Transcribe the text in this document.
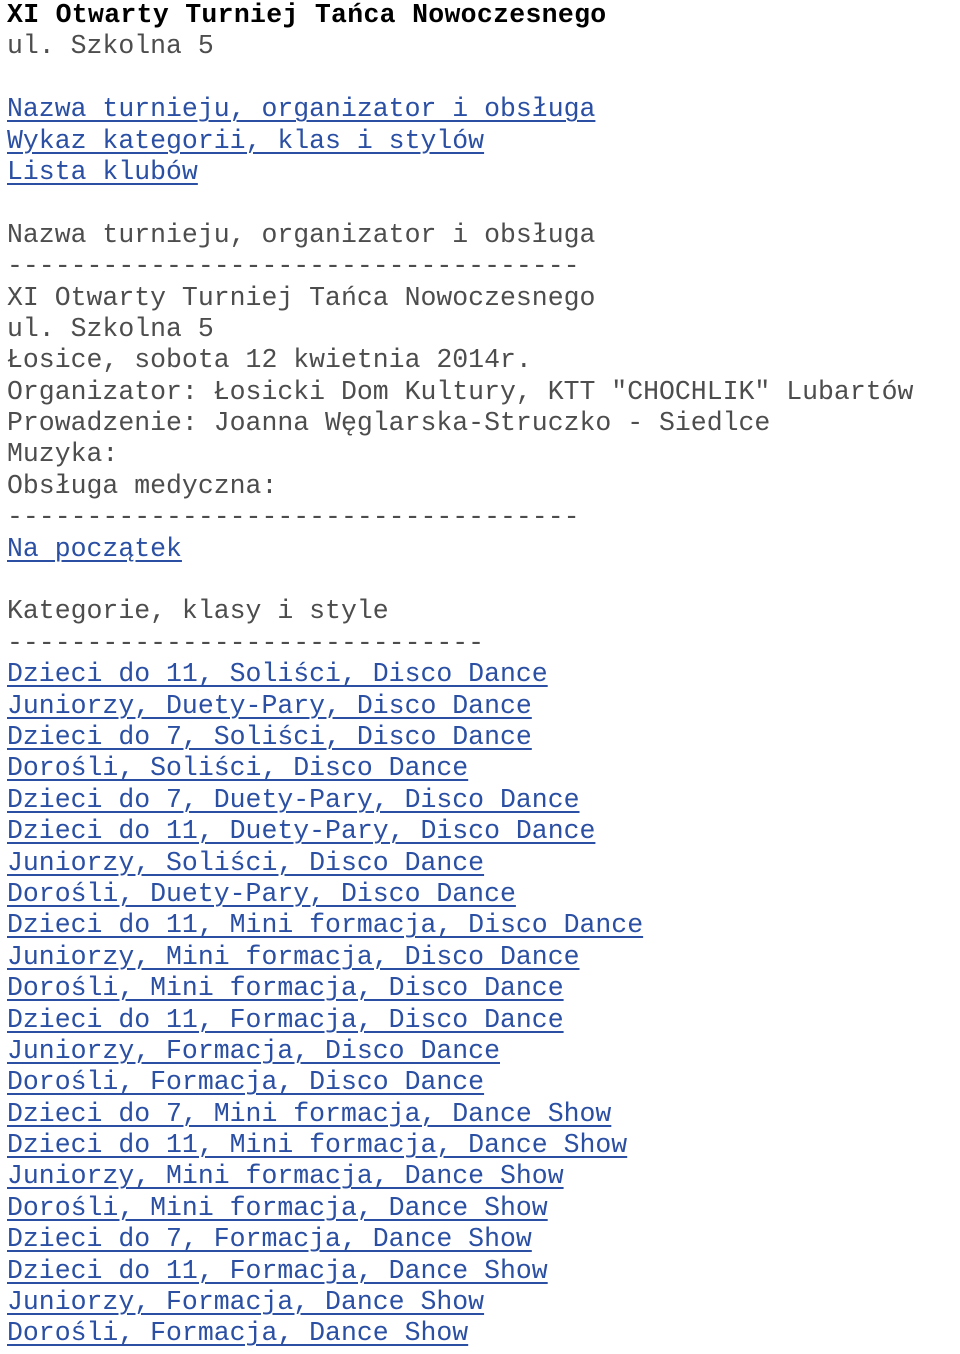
XI Otwarty Turniej Tańca Nowoczesnego
ul. Szkolna 5
Nazwa turnieju, organizator i obsługa
Wykaz kategorii, klas i stylów
Lista klubów
Nazwa turnieju, organizator i obsługa
------------------------------------
XI Otwarty Turniej Tańca Nowoczesnego
ul. Szkolna 5
Łosice, sobota 12 kwietnia 2014r.
Organizator: Łosicki Dom Kultury, KTT "CHOCHLIK" Lubartów
Prowadzenie: Joanna Węglarska-Struczko - Siedlce
Muzyka:
Obsługa medyczna:
------------------------------------
Na początek
Kategorie, klasy i style
------------------------------
Dzieci do 11, Soliści, Disco Dance
Juniorzy, Duety-Pary, Disco Dance
Dzieci do 7, Soliści, Disco Dance
Dorośli, Soliści, Disco Dance
Dzieci do 7, Duety-Pary, Disco Dance
Dzieci do 11, Duety-Pary, Disco Dance
Juniorzy, Soliści, Disco Dance
Dorośli, Duety-Pary, Disco Dance
Dzieci do 11, Mini formacja, Disco Dance
Juniorzy, Mini formacja, Disco Dance
Dorośli, Mini formacja, Disco Dance
Dzieci do 11, Formacja, Disco Dance
Juniorzy, Formacja, Disco Dance
Dorośli, Formacja, Disco Dance
Dzieci do 7, Mini formacja, Dance Show
Dzieci do 11, Mini formacja, Dance Show
Juniorzy, Mini formacja, Dance Show
Dorośli, Mini formacja, Dance Show
Dzieci do 7, Formacja, Dance Show
Dzieci do 11, Formacja, Dance Show
Juniorzy, Formacja, Dance Show
Dorośli, Formacja, Dance Show
